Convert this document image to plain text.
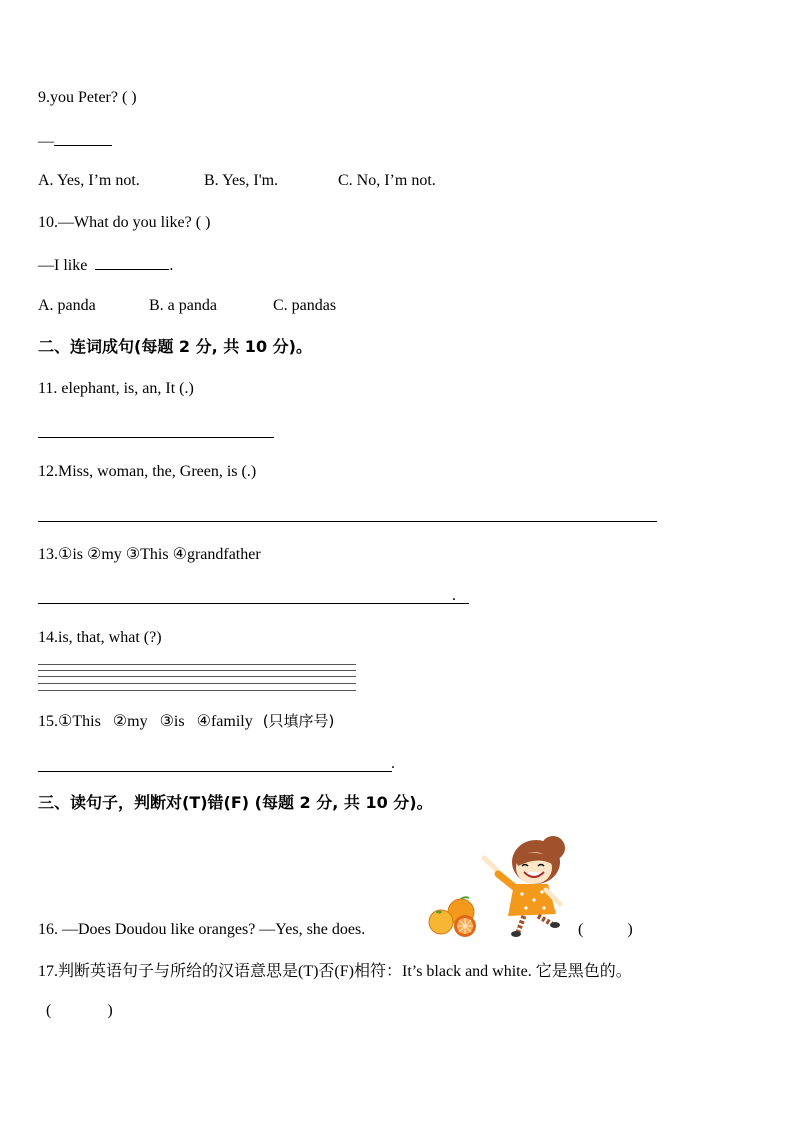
9.you Peter? ( )
—
A. Yes, I’m not.	B. Yes, I'm.	C. No, I’m not.
10.—What do you like? ( )
—I like	.
A. panda	B. a panda	C. pandas
二、连词成句(每题 2 分, 共 10 分)。
11. elephant, is, an, It (.)
12.Miss, woman, the, Green, is (.)
13.①is ②my ③This ④grandfather
.
14.is, that, what (?)
15.①This   ②my   ③is   ④family (只填序号)
.
三、读句子，判断对(T)错(F) (每题 2 分, 共 10 分)。
16. —Does Doudou like oranges? —Yes, she does.	(           )
17.判断英语句子与所给的汉语意思是(T)否(F)相符：It’s black and white. 它是黑色的。
(              )
